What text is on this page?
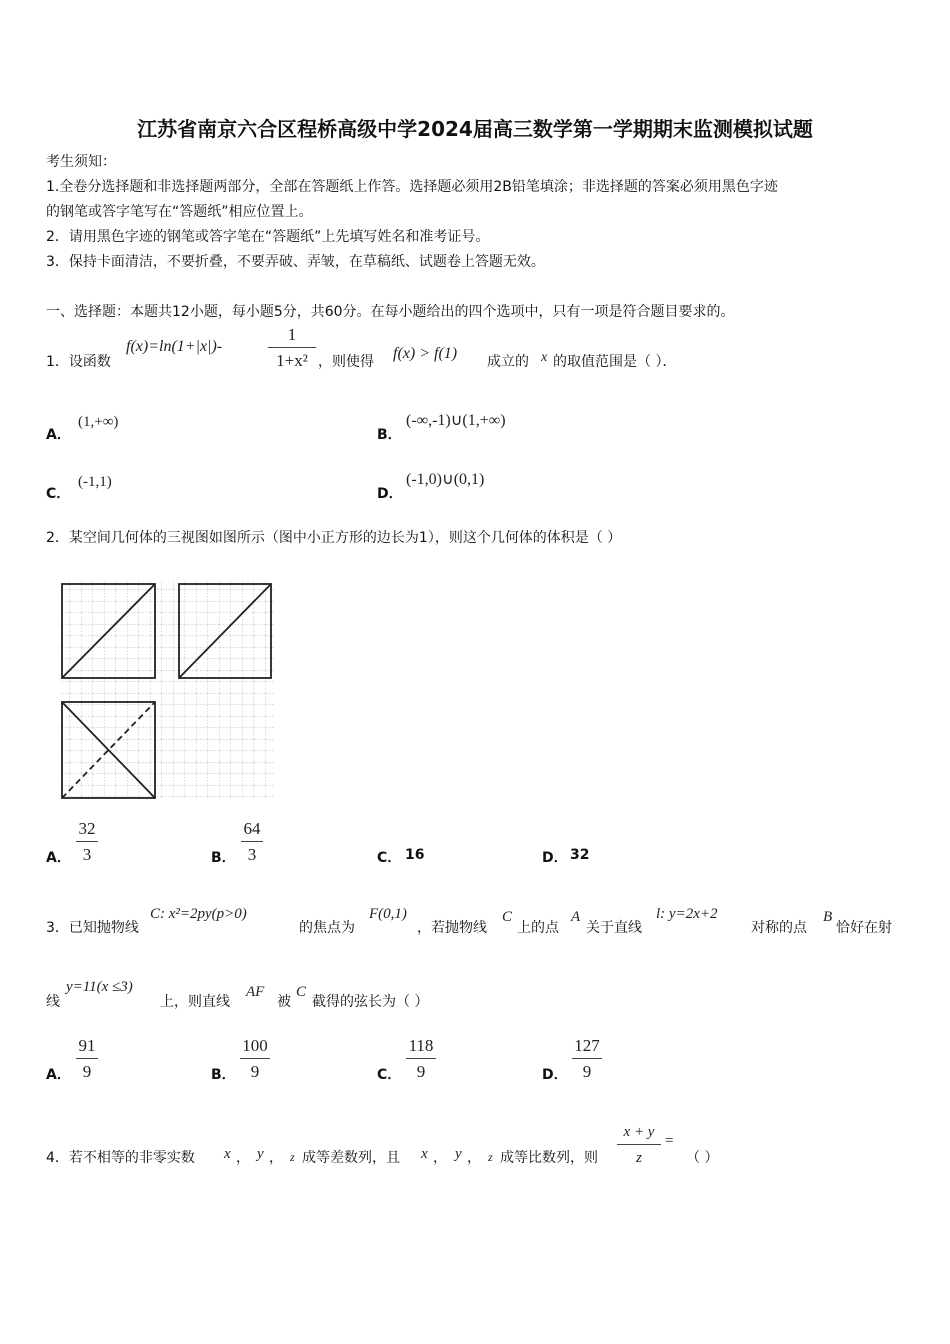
江苏省南京六合区程桥高级中学2024届高三数学第一学期期末监测模拟试题
考生须知：
1.全卷分选择题和非选择题两部分，全部在答题纸上作答。选择题必须用2B铅笔填涂；非选择题的答案必须用黑色字迹
的钢笔或答字笔写在“答题纸”相应位置上。
2．请用黑色字迹的钢笔或答字笔在“答题纸”上先填写姓名和准考证号。
3．保持卡面清洁，不要折叠，不要弄破、弄皱，在草稿纸、试题卷上答题无效。
一、选择题：本题共12小题，每小题5分，共60分。在每小题给出的四个选项中，只有一项是符合题目要求的。
1．设函数
f(x)=ln(1+|x|)-
1
1+x² ，则使得 f(x) > f(1) 成立的 x 的取值范围是（ ）．
A．
(1,+∞)
B．
(-∞,-1)∪(1,+∞)
C．
(-1,1)
D．
(-1,0)∪(0,1)
2．某空间几何体的三视图如图所示（图中小正方形的边长为1），则这个几何体的体积是（ ）
A．
32
3	B．
64
3	C． 16	D． 32
3．已知抛物线
C: x²=2py(p>0)
的焦点为
F(0,1)
，若抛物线
C
上的点
A
关于直线
l: y=2x+2
对称的点
B
恰好在射
线
y=11(x ≤3)
上，则直线
AF
被
C
截得的弦长为（ ）
A．
91
9	B．
100
9	C．
118
9	D．
127
9
4．若不相等的非零实数 x ， y ， z 成等差数列，且 x ， y ， z 成等比数列，则
x + y
z
=
（ ）
